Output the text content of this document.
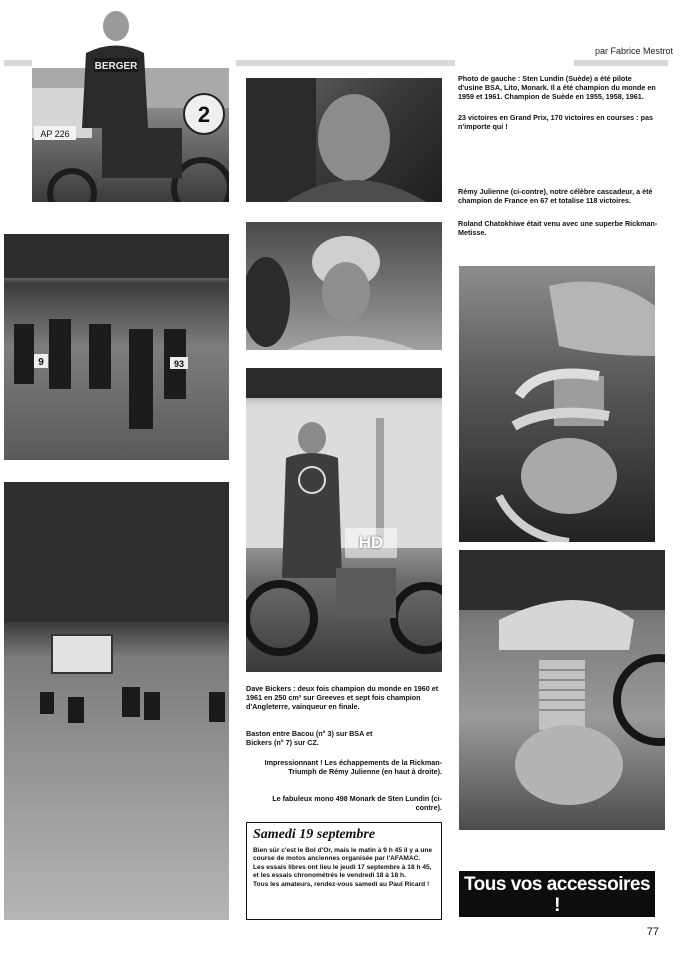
par Fabrice Mestrot
2
AP 226
BERGER
Photo de gauche : Sten Lundin (Suède) a été pilote d'usine BSA, Lito, Monark. Il a été champion du monde en 1959 et 1961. Champion de Suède en 1955, 1958, 1961.
23 victoires en Grand Prix, 170 victoires en courses : pas n'importe qui !
Rémy Julienne (ci-contre), notre célèbre cascadeur, a été champion de France en 67 et totalise 118 victoires.
Roland Chatokhiwe était venu avec une superbe Rickman-Metisse.
9	93
HD
Dave Bickers : deux fois champion du monde en 1960 et 1961 en 250 cm³ sur Greeves et sept fois champion d'Angleterre, vainqueur en finale.
Baston entre Bacou (n° 3) sur BSA et Bickers (n° 7) sur CZ.
Impressionnant ! Les échappements de la Rickman-Triumph de Rémy Julienne (en haut à droite).
Le fabuleux mono 498 Monark de Sten Lundin (ci-contre).
Samedi 19 septembre

Bien sûr c'est le Bol d'Or, mais le matin à 9 h 45 il y a une course de motos anciennes organisée par l'AFAMAC.

Les essais libres ont lieu le jeudi 17 septembre à 18 h 45, et les essais chronométrés le vendredi 18 à 18 h.

Tous les amateurs, rendez-vous samedi au Paul Ricard !	Tous vos accessoires !
JAPAUTO 45 00 20 10 77
